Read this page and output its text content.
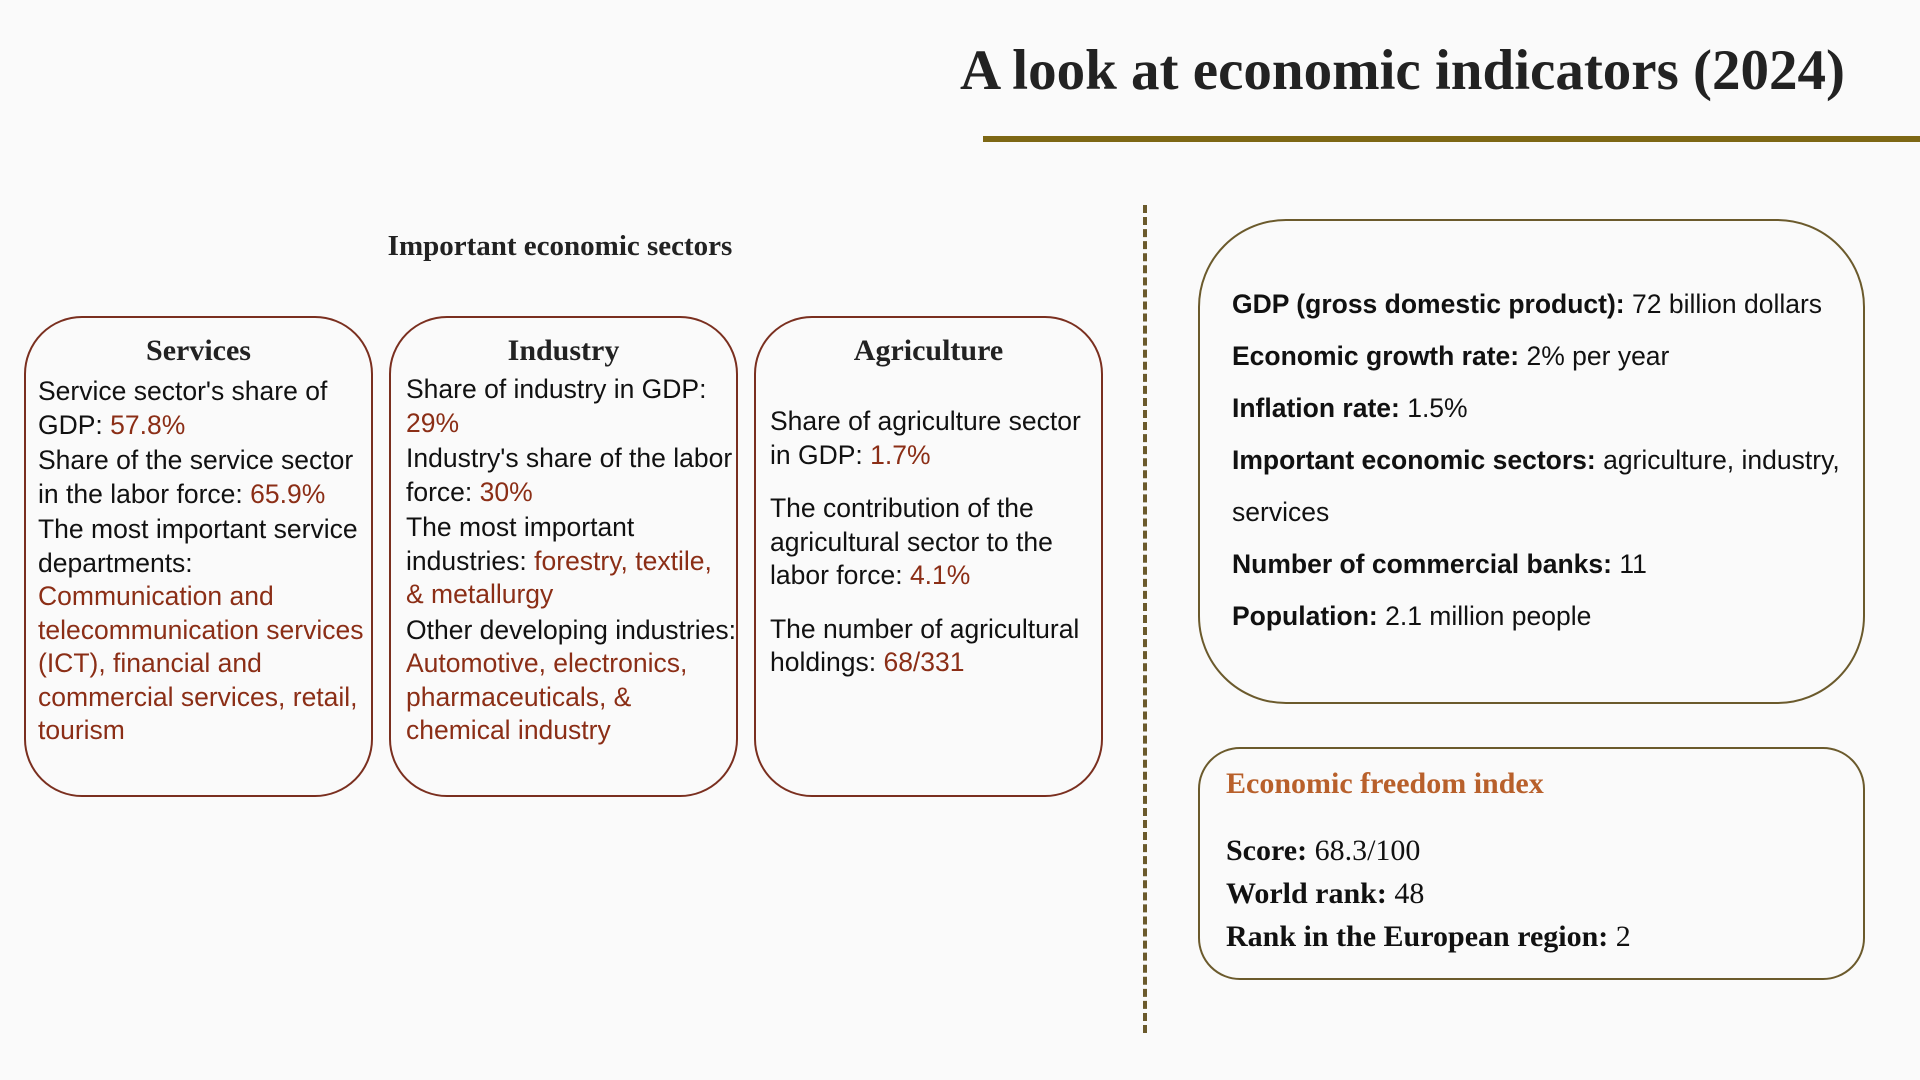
A look at economic indicators (2024)
Important economic sectors
Services

Service sector's share of GDP: 57.8%

Share of the service sector in the labor force: 65.9%

The most important service departments:
Communication and telecommunication services (ICT), financial and commercial services, retail, tourism

Industry

Share of industry in GDP: 29%

Industry's share of the labor force: 30%

The most important industries: forestry, textile, & metallurgy

Other developing industries:
Automotive, electronics, pharmaceuticals, & chemical industry

Agriculture

Share of agriculture sector in GDP: 1.7%

The contribution of the agricultural sector to the labor force: 4.1%

The number of agricultural holdings: 68/331

GDP (gross domestic product): 72 billion dollars

Economic growth rate: 2% per year

Inflation rate: 1.5%

Important economic sectors: agriculture, industry, services

Number of commercial banks: 11

Population: 2.1 million people

Economic freedom index

Score: 68.3/100

World rank: 48

Rank in the European region: 2
